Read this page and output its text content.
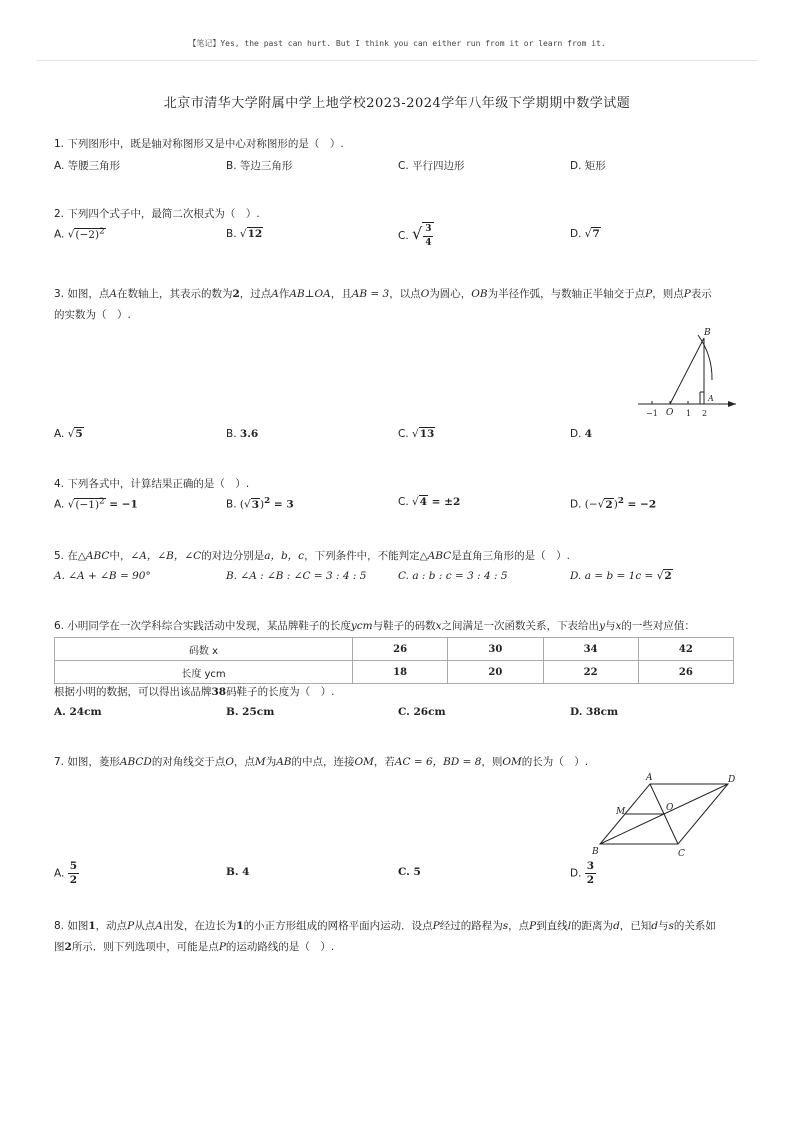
【笔记】Yes, the past can hurt. But I think you can either run from it or learn from it.
北京市清华大学附属中学上地学校2023-2024学年八年级下学期期中数学试题
1. 下列图形中，既是轴对称图形又是中心对称图形的是（　）.
A. 等腰三角形	B. 等边三角形	C. 平行四边形	D. 矩形
2. 下列四个式子中，最简二次根式为（　）.
A. $√(-2)^2$	B. √12	C. √ $\frac{3}{4}$	D. √7
3. 如图，点A在数轴上，其表示的数为2，过点A作AB⊥OA，且AB = 3，以点O为圆心，OB为半径作弧，与数轴正半轴交于点P，则点P表示
的实数为（　）.
B
A
O
−1	1 2
A. √5	B. 3.6	C. √13	D. 4
4. 下列各式中，计算结果正确的是（　）.
A. $√(-1)^2 = -1$	B. $(√3)^2 = 3$	C. √4 = ±2	D. $(-√2)^2 = -2$
5. 在△ABC中，∠A，∠B，∠C的对边分别是a，b，c，下列条件中，不能判定△ABC是直角三角形的是（　）.
A. ∠A + ∠B = 90°	B. ∠A : ∠B : ∠C = 3 : 4 : 5	C. a : b : c = 3 : 4 : 5	D. a = b = 1c = √2
6. 小明同学在一次学科综合实践活动中发现，某品牌鞋子的长度ycm与鞋子的码数x之间满足一次函数关系，下表给出y与x的一些对应值：
码数 x	26	30	34	42
长度 ycm	18	20	22	26
根据小明的数据，可以得出该品牌38码鞋子的长度为（　）.
A. 24cm	B. 25cm	C. 26cm	D. 38cm
7. 如图，菱形ABCD的对角线交于点O，点M为AB的中点，连接OM，若AC = 6，BD = 8，则OM的长为（　）.
A	D
M	O
B	C
A. $\frac{5}{2}$	B. 4	C. 5	D. $\frac{3}{2}$
8. 如图1，动点P从点A出发，在边长为1的小正方形组成的网格平面内运动．设点P经过的路程为s，点P到直线l的距离为d，已知d与s的关系如
图2所示．则下列选项中，可能是点P的运动路线的是（　）.
